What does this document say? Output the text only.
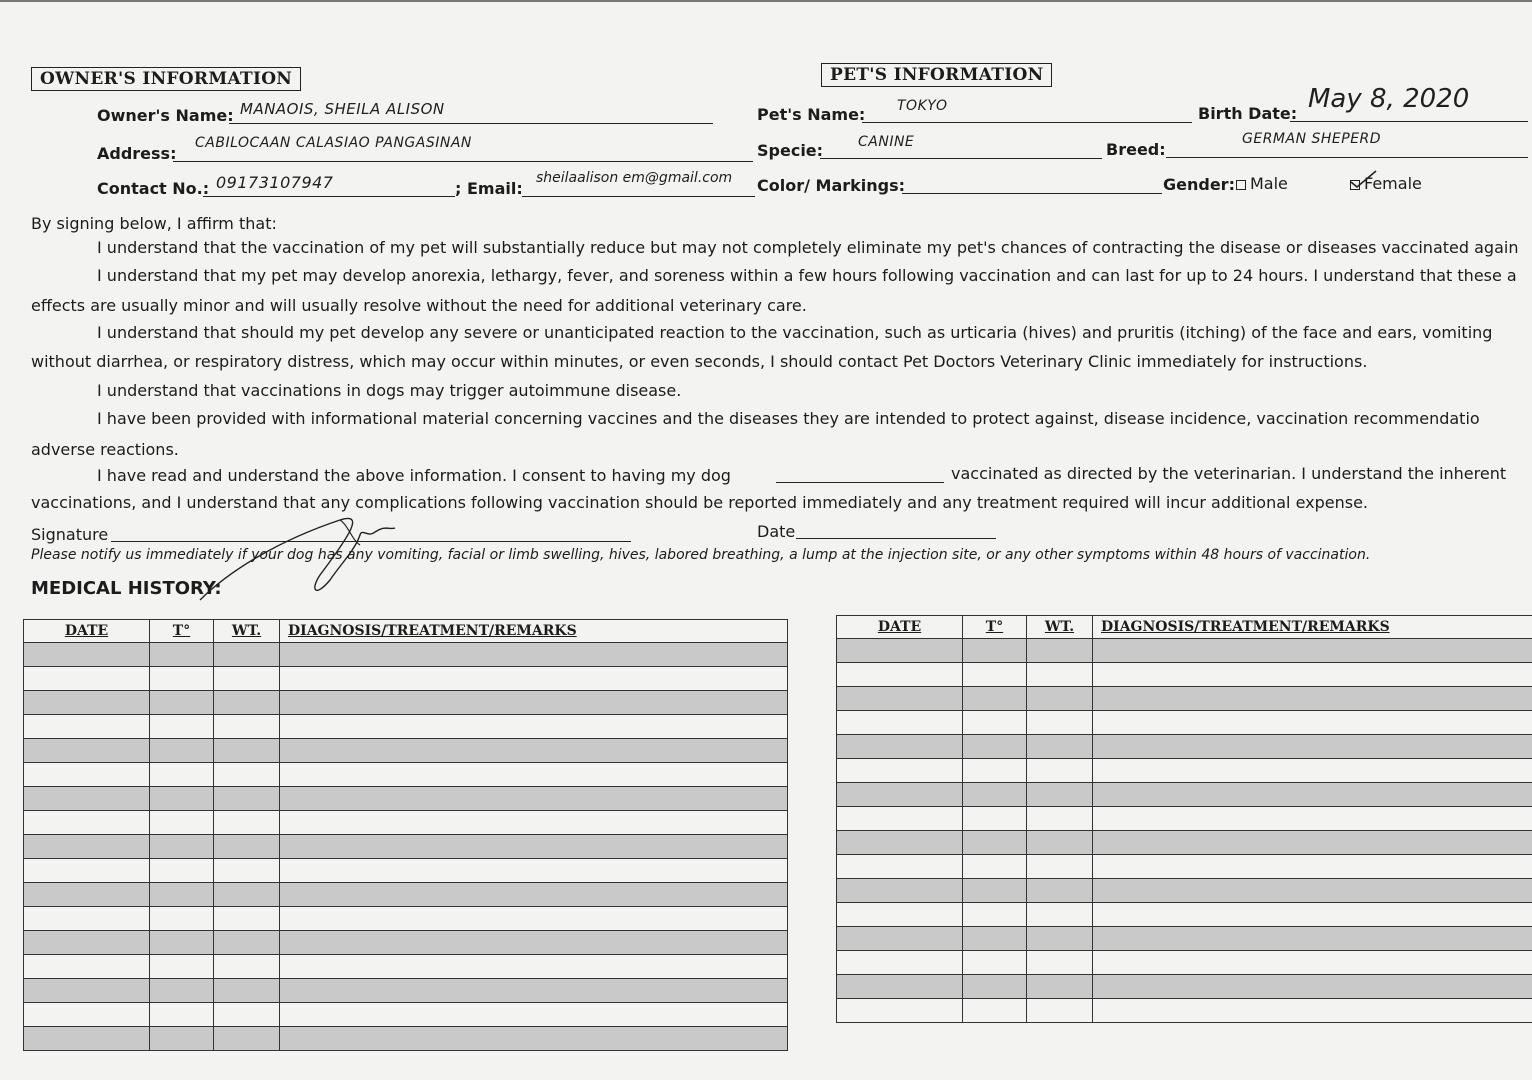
OWNER'S INFORMATION
Owner's Name: MANAOIS, SHEILA ALISON
Address:
CABILOCAAN CALASIAO PANGASINAN
Contact No.: 09173107947	; Email:
sheilaalison em@gmail.com
PET'S INFORMATION
Pet's Name: TOKYO	Birth Date: May 8, 2020
Specie: CANINE	Breed:
GERMAN SHEPERD
Color/ Markings:	Gender: Male	Female
By signing below, I affirm that:
I understand that the vaccination of my pet will substantially reduce but may not completely eliminate my pet's chances of contracting the disease or diseases vaccinated again
I understand that my pet may develop anorexia, lethargy, fever, and soreness within a few hours following vaccination and can last for up to 24 hours. I understand that these a
effects are usually minor and will usually resolve without the need for additional veterinary care.
I understand that should my pet develop any severe or unanticipated reaction to the vaccination, such as urticaria (hives) and pruritis (itching) of the face and ears, vomiting
without diarrhea, or respiratory distress, which may occur within minutes, or even seconds, I should contact Pet Doctors Veterinary Clinic immediately for instructions.
I understand that vaccinations in dogs may trigger autoimmune disease.
I have been provided with informational material concerning vaccines and the diseases they are intended to protect against, disease incidence, vaccination recommendatio
adverse reactions.
I have read and understand the above information. I consent to having my dog	vaccinated as directed by the veterinarian. I understand the inherent
vaccinations, and I understand that any complications following vaccination should be reported immediately and any treatment required will incur additional expense.
Signature	Date
Please notify us immediately if your dog has any vomiting, facial or limb swelling, hives, labored breathing, a lump at the injection site, or any other symptoms within 48 hours of vaccination.
MEDICAL HISTORY:
DATE	T°	WT.	DIAGNOSIS/TREATMENT/REMARKS

				DATE	T°	WT.	DIAGNOSIS/TREATMENT/REMARKS
